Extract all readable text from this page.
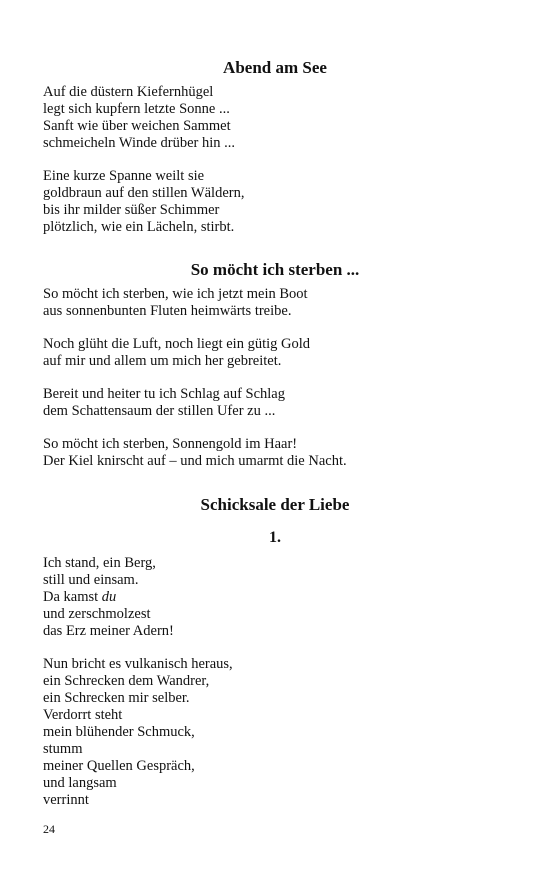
Abend am See

Auf die düstern Kiefernhügel

legt sich kupfern letzte Sonne ...

Sanft wie über weichen Sammet

schmeicheln Winde drüber hin ...

Eine kurze Spanne weilt sie

goldbraun auf den stillen Wäldern,

bis ihr milder süßer Schimmer

plötzlich, wie ein Lächeln, stirbt.

So möcht ich sterben ...

So möcht ich sterben, wie ich jetzt mein Boot

aus sonnenbunten Fluten heimwärts treibe.

Noch glüht die Luft, noch liegt ein gütig Gold

auf mir und allem um mich her gebreitet.

Bereit und heiter tu ich Schlag auf Schlag

dem Schattensaum der stillen Ufer zu ...

So möcht ich sterben, Sonnengold im Haar!

Der Kiel knirscht auf – und mich umarmt die Nacht.

Schicksale der Liebe
1.

Ich stand, ein Berg,

still und einsam.

Da kamst du

und zerschmolzest

das Erz meiner Adern!

Nun bricht es vulkanisch heraus,

ein Schrecken dem Wandrer,

ein Schrecken mir selber.

Verdorrt steht

mein blühender Schmuck,

stumm

meiner Quellen Gespräch,

und langsam

verrinnt

24
